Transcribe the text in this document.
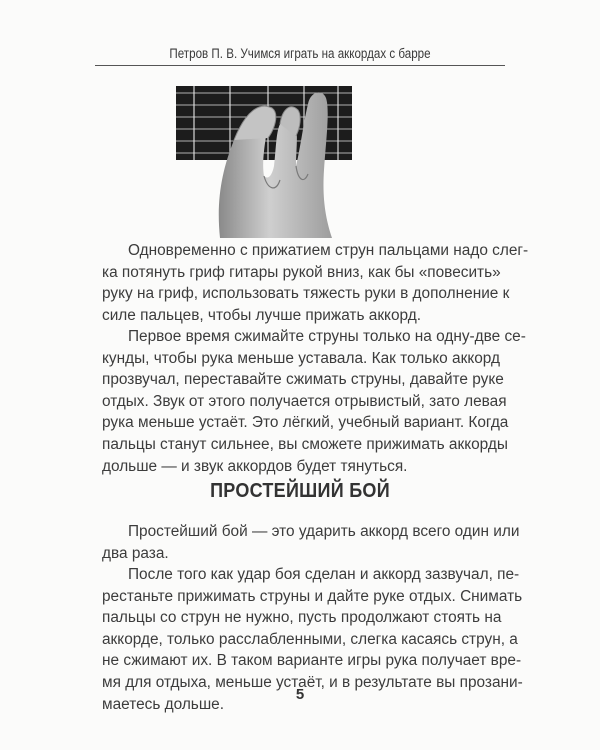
Петров П. В. Учимся играть на аккордах с барре
Одновременно с прижатием струн пальцами надо слег-
ка потянуть гриф гитары рукой вниз, как бы «повесить»
руку на гриф, использовать тяжесть руки в дополнение к
силе пальцев, чтобы лучше прижать аккорд.
Первое время сжимайте струны только на одну-две се-
кунды, чтобы рука меньше уставала. Как только аккорд
прозвучал, переставайте сжимать струны, давайте руке
отдых. Звук от этого получается отрывистый, зато левая
рука меньше устаёт. Это лёгкий, учебный вариант. Когда
пальцы станут сильнее, вы сможете прижимать аккорды
дольше — и звук аккордов будет тянуться.
ПРОСТЕЙШИЙ БОЙ
Простейший бой — это ударить аккорд всего один или
два раза.
После того как удар боя сделан и аккорд зазвучал, пе-
рестаньте прижимать струны и дайте руке отдых. Снимать
пальцы со струн не нужно, пусть продолжают стоять на
аккорде, только расслабленными, слегка касаясь струн, а
не сжимают их. В таком варианте игры рука получает вре-
мя для отдыха, меньше устаёт, и в результате вы прозани-
маетесь дольше.
5
